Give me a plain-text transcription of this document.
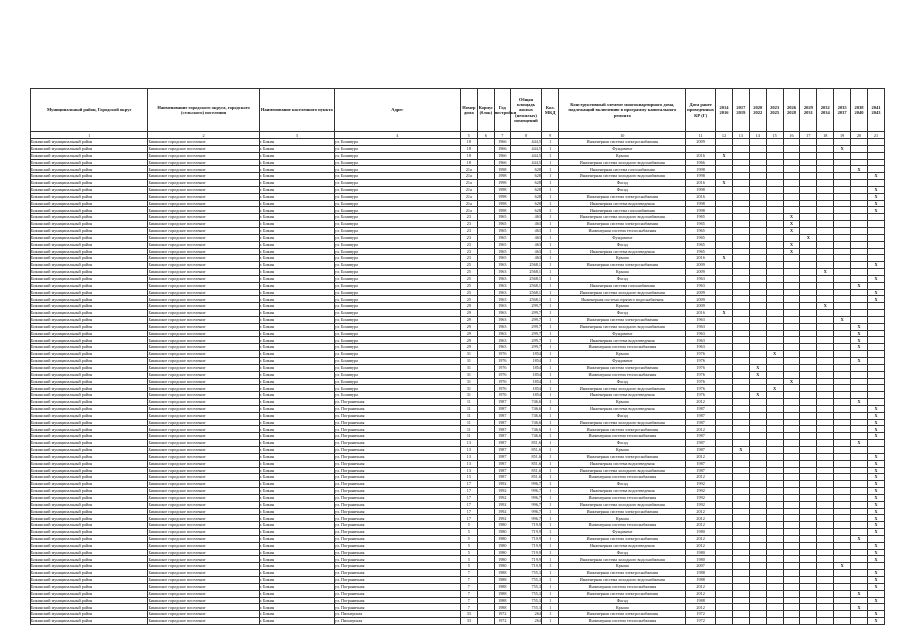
Муниципальный район, Городской округ	Наименование городского округа, городского (сельского) поселения	Наименование населенного пункта	Адрес	Номер дома	Корпус (блок)	Год постройки	Общая площадь жилых (нежилых) помещений	Кол. МКД	Конструктивный элемент многоквартирного дома, подлежащий включению в программу капитального ремонта	Дата ранее проведенных КР (Г)	2014 2016	2017 2019	2020 2022	2023 2025	2026 2028	2029 2031	2032 2034	2035 2037	2038 2040	2041 2043
1	2	3	4	5	6	7	8	9	10	11	12	13	14	15	16	17	18	19	20	21
Бикинский муниципальный район	Бикинское городское поселение	г. Бикин	ул. Бонивура	18		1966	444,5	1	Инженерная система электроснабжения	2009										
Бикинский муниципальный район	Бикинское городское поселение	г. Бикин	ул. Бонивура	18		1966	444,5	1	Фундамент									X		
Бикинский муниципальный район	Бикинское городское поселение	г. Бикин	ул. Бонивура	18		1966	444,5	1	Крыша	2016	X									
Бикинский муниципальный район	Бикинское городское поселение	г. Бикин	ул. Бонивура	18		1966	444,5	1	Инженерная система холодного водоснабжения	1966										
Бикинский муниципальный район	Бикинское городское поселение	г. Бикин	ул. Бонивура	21а		1998	628	1	Инженерная система газоснабжения	1998									X	
Бикинский муниципальный район	Бикинское городское поселение	г. Бикин	ул. Бонивура	21а		1998	628	1	Инженерная система холодного водоснабжения	1998										X
Бикинский муниципальный район	Бикинское городское поселение	г. Бикин	ул. Бонивура	21а		1998	628	1	Фасад	2016	X									
Бикинский муниципальный район	Бикинское городское поселение	г. Бикин	ул. Бонивура	21а		1998	628	1	Фасад	1998										X
Бикинский муниципальный район	Бикинское городское поселение	г. Бикин	ул. Бонивура	21а		1998	628	1	Инженерная система электроснабжения	2016										X
Бикинский муниципальный район	Бикинское городское поселение	г. Бикин	ул. Бонивура	21а		1998	628	1	Инженерная система водоотведения	1998										X
Бикинский муниципальный район	Бикинское городское поселение	г. Бикин	ул. Бонивура	21а		1998	628	1	Инженерная система газоснабжения	1998										X
Бикинский муниципальный район	Бикинское городское поселение	г. Бикин	ул. Бонивура	23		1965	463	1	Инженерная система холодного водоснабжения	1965					X					
Бикинский муниципальный район	Бикинское городское поселение	г. Бикин	ул. Бонивура	23		1965	463	1	Инженерная система электроснабжения	1965					X					
Бикинский муниципальный район	Бикинское городское поселение	г. Бикин	ул. Бонивура	23		1965	463	1	Инженерная система теплоснабжения	1965					X					
Бикинский муниципальный район	Бикинское городское поселение	г. Бикин	ул. Бонивура	23		1965	463	1	Фундамент	1965						X				
Бикинский муниципальный район	Бикинское городское поселение	г. Бикин	ул. Бонивура	23		1965	463	1	Фасад	1965					X					
Бикинский муниципальный район	Бикинское городское поселение	г. Бикин	ул. Бонивура	23		1965	463	1	Инженерная система водоотведения	1965					X					
Бикинский муниципальный район	Бикинское городское поселение	г. Бикин	ул. Бонивура	23		1965	463	1	Крыша	2016	X									
Бикинский муниципальный район	Бикинское городское поселение	г. Бикин	ул. Бонивура	25		1963	2568,1	1	Инженерная система электроснабжения	2009										X
Бикинский муниципальный район	Бикинское городское поселение	г. Бикин	ул. Бонивура	25		1963	2568,1	1	Крыша	2009							X			
Бикинский муниципальный район	Бикинское городское поселение	г. Бикин	ул. Бонивура	25		1963	2568,1	1	Фасад	1963										X
Бикинский муниципальный район	Бикинское городское поселение	г. Бикин	ул. Бонивура	25		1963	2568,1	1	Инженерная система газоснабжения	1963									X	
Бикинский муниципальный район	Бикинское городское поселение	г. Бикин	ул. Бонивура	25		1963	2568,1	1	Инженерная система холодного водоснабжения	2009										X
Бикинский муниципальный район	Бикинское городское поселение	г. Бикин	ул. Бонивура	25		1963	2568,1	1	Инженерная система горячего водоснабжения	2009										X
Бикинский муниципальный район	Бикинское городское поселение	г. Бикин	ул. Бонивура	29		1963	299,7	1	Крыша	2009							X			
Бикинский муниципальный район	Бикинское городское поселение	г. Бикин	ул. Бонивура	29		1963	299,7	1	Фасад	2016	X									
Бикинский муниципальный район	Бикинское городское поселение	г. Бикин	ул. Бонивура	29		1963	299,7	1	Инженерная система электроснабжения	1963								X		
Бикинский муниципальный район	Бикинское городское поселение	г. Бикин	ул. Бонивура	29		1963	299,7	1	Инженерная система холодного водоснабжения	1963									X	
Бикинский муниципальный район	Бикинское городское поселение	г. Бикин	ул. Бонивура	29		1963	299,7	1	Фундамент	1963									X	
Бикинский муниципальный район	Бикинское городское поселение	г. Бикин	ул. Бонивура	29		1963	299,7	1	Инженерная система водоотведения	1963									X	
Бикинский муниципальный район	Бикинское городское поселение	г. Бикин	ул. Бонивура	29		1963	299,7	1	Инженерная система теплоснабжения	1963									X	
Бикинский муниципальный район	Бикинское городское поселение	г. Бикин	ул. Бонивура	31		1976	1854	1	Крыша	1976				X						
Бикинский муниципальный район	Бикинское городское поселение	г. Бикин	ул. Бонивура	31		1976	1854	1	Фундамент	1976									X	
Бикинский муниципальный район	Бикинское городское поселение	г. Бикин	ул. Бонивура	31		1976	1854	1	Инженерная система электроснабжения	1976			X							
Бикинский муниципальный район	Бикинское городское поселение	г. Бикин	ул. Бонивура	31		1976	1854	1	Инженерная система теплоснабжения	1976			X							
Бикинский муниципальный район	Бикинское городское поселение	г. Бикин	ул. Бонивура	31		1976	1854	1	Фасад	1976					X					
Бикинский муниципальный район	Бикинское городское поселение	г. Бикин	ул. Бонивура	31		1976	1854	1	Инженерная система холодного водоснабжения	1976				X						
Бикинский муниципальный район	Бикинское городское поселение	г. Бикин	ул. Бонивура	31		1976	1854	1	Инженерная система водоотведения	1976			X							
Бикинский муниципальный район	Бикинское городское поселение	г. Бикин	ул. Пограничная	11		1987	746,6	1	Крыша	2012									X	
Бикинский муниципальный район	Бикинское городское поселение	г. Бикин	ул. Пограничная	11		1987	746,6	1	Инженерная система водоотведения	1987										X
Бикинский муниципальный район	Бикинское городское поселение	г. Бикин	ул. Пограничная	11		1987	746,6	1	Фасад	1987										X
Бикинский муниципальный район	Бикинское городское поселение	г. Бикин	ул. Пограничная	11		1987	746,6	1	Инженерная система холодного водоснабжения	1987										X
Бикинский муниципальный район	Бикинское городское поселение	г. Бикин	ул. Пограничная	11		1987	746,6	1	Инженерная система электроснабжения	2012										X
Бикинский муниципальный район	Бикинское городское поселение	г. Бикин	ул. Пограничная	11		1987	746,6	1	Инженерная система теплоснабжения	1987										X
Бикинский муниципальный район	Бикинское городское поселение	г. Бикин	ул. Пограничная	13		1987	851,6	1	Фасад	1987									X	
Бикинский муниципальный район	Бикинское городское поселение	г. Бикин	ул. Пограничная	13		1987	851,6	1	Крыша	1987		X								
Бикинский муниципальный район	Бикинское городское поселение	г. Бикин	ул. Пограничная	13		1987	851,6	1	Инженерная система электроснабжения	2012										X
Бикинский муниципальный район	Бикинское городское поселение	г. Бикин	ул. Пограничная	13		1987	851,6	1	Инженерная система водоотведения	1987										X
Бикинский муниципальный район	Бикинское городское поселение	г. Бикин	ул. Пограничная	13		1987	851,6	1	Инженерная система холодного водоснабжения	1987										X
Бикинский муниципальный район	Бикинское городское поселение	г. Бикин	ул. Пограничная	15		1987	851,6	1	Инженерная система теплоснабжения	2012										X
Бикинский муниципальный район	Бикинское городское поселение	г. Бикин	ул. Пограничная	17		1992	996,7	1	Фасад	1992										X
Бикинский муниципальный район	Бикинское городское поселение	г. Бикин	ул. Пограничная	17		1992	996,7	1	Инженерная система водоотведения	1992										X
Бикинский муниципальный район	Бикинское городское поселение	г. Бикин	ул. Пограничная	17		1992	996,7	1	Инженерная система теплоснабжения	1992										X
Бикинский муниципальный район	Бикинское городское поселение	г. Бикин	ул. Пограничная	17		1992	996,7	1	Инженерная система холодного водоснабжения	1992										X
Бикинский муниципальный район	Бикинское городское поселение	г. Бикин	ул. Пограничная	17		1992	996,7	1	Инженерная система электроснабжения	2012										X
Бикинский муниципальный район	Бикинское городское поселение	г. Бикин	ул. Пограничная	17		1992	996,7	1	Крыша	2012										X
Бикинский муниципальный район	Бикинское городское поселение	г. Бикин	ул. Пограничная	5		1980	719,9	1	Инженерная система теплоснабжения	2012										X
Бикинский муниципальный район	Бикинское городское поселение	г. Бикин	ул. Пограничная	5		1980	719,9	1	Фундамент	1980										X
Бикинский муниципальный район	Бикинское городское поселение	г. Бикин	ул. Пограничная	5		1980	719,9	1	Инженерная система электроснабжения	2012									X	
Бикинский муниципальный район	Бикинское городское поселение	г. Бикин	ул. Пограничная	5		1980	719,9	1	Инженерная система водоотведения	2012										X
Бикинский муниципальный район	Бикинское городское поселение	г. Бикин	ул. Пограничная	5		1980	719,9	1	Фасад	1980										X
Бикинский муниципальный район	Бикинское городское поселение	г. Бикин	ул. Пограничная	5		1980	719,9	1	Инженерная система холодного водоснабжения	1980										X
Бикинский муниципальный район	Бикинское городское поселение	г. Бикин	ул. Пограничная	5		1980	719,9	1	Крыша	2007								X		
Бикинский муниципальный район	Бикинское городское поселение	г. Бикин	ул. Пограничная	7		1988	755,3	1	Инженерная система электроснабжения	1988										X
Бикинский муниципальный район	Бикинское городское поселение	г. Бикин	ул. Пограничная	7		1988	755,3	1	Инженерная система холодного водоснабжения	1988										X
Бикинский муниципальный район	Бикинское городское поселение	г. Бикин	ул. Пограничная	7		1988	755,3	1	Инженерная система теплоснабжения	2012										X
Бикинский муниципальный район	Бикинское городское поселение	г. Бикин	ул. Пограничная	7		1988	755,3	1	Инженерная система электроснабжения	2012									X	
Бикинский муниципальный район	Бикинское городское поселение	г. Бикин	ул. Пограничная	7		1988	755,3	1	Фасад	1988										X
Бикинский муниципальный район	Бикинское городское поселение	г. Бикин	ул. Пограничная	7		1988	755,3	1	Крыша	2012									X	
Бикинский муниципальный район	Бикинское городское поселение	г. Бикин	ул. Пионерская	33		1972	264	1	Инженерная система электроснабжения	1972										X
Бикинский муниципальный район	Бикинское городское поселение	г. Бикин	ул. Пионерская	33		1972	264	1	Инженерная система теплоснабжения	1972										X
